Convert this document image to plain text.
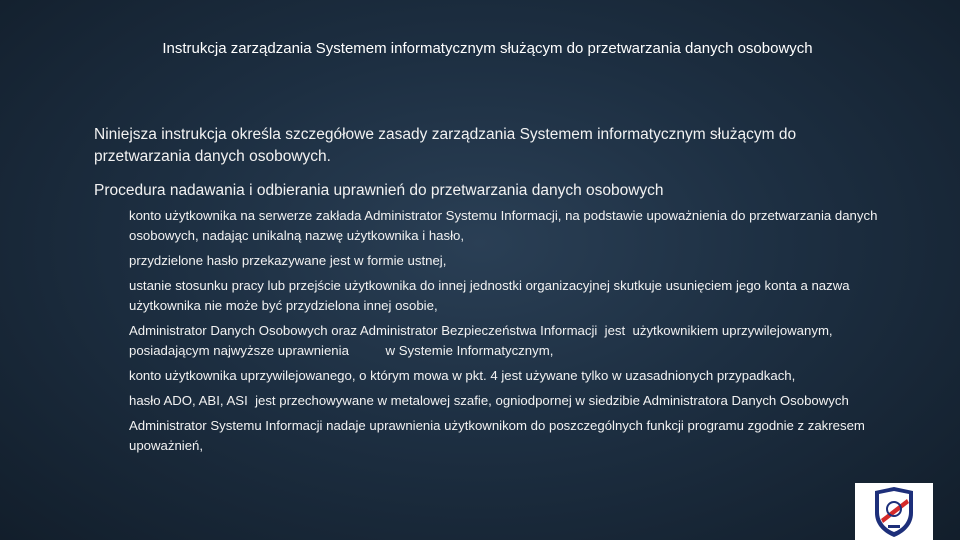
Instrukcja zarządzania Systemem informatycznym służącym do przetwarzania danych osobowych
Niniejsza instrukcja określa szczegółowe zasady zarządzania Systemem informatycznym służącym do przetwarzania danych osobowych.
Procedura nadawania i odbierania uprawnień do przetwarzania danych osobowych
konto użytkownika na serwerze zakłada Administrator Systemu Informacji, na podstawie upoważnienia do przetwarzania danych osobowych, nadając unikalną nazwę użytkownika i hasło,
przydzielone hasło przekazywane jest w formie ustnej,
ustanie stosunku pracy lub przejście użytkownika do innej jednostki organizacyjnej skutkuje usunięciem jego konta a nazwa użytkownika nie może być przydzielona innej osobie,
Administrator Danych Osobowych oraz Administrator Bezpieczeństwa Informacji  jest  użytkownikiem uprzywilejowanym, posiadającym najwyższe uprawnienia          w Systemie Informatycznym,
konto użytkownika uprzywilejowanego, o którym mowa w pkt. 4 jest używane tylko w uzasadnionych przypadkach,
hasło ADO, ABI, ASI  jest przechowywane w metalowej szafie, ogniodpornej w siedzibie Administratora Danych Osobowych
Administrator Systemu Informacji nadaje uprawnienia użytkownikom do poszczególnych funkcji programu zgodnie z zakresem upoważnień,
